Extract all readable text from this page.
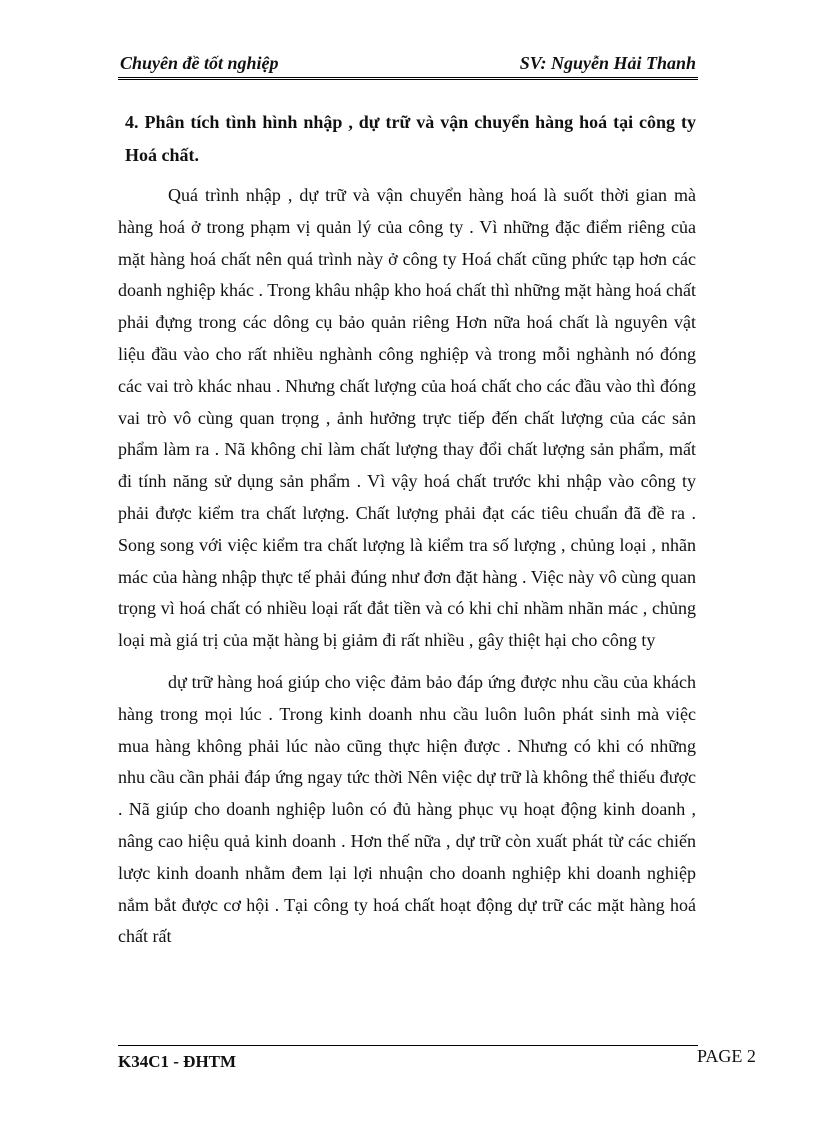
Chuyên đề tốt nghiệp	SV: Nguyễn Hải Thanh

4. Phân tích tình hình nhập , dự trữ và vận chuyển hàng hoá tại công ty Hoá chất.

Quá trình nhập , dự trữ và vận chuyển hàng hoá là suốt thời gian mà hàng hoá ở trong phạm vị quản lý của công ty . Vì những đặc điểm riêng của mặt hàng hoá chất nên quá trình này ở công ty Hoá chất cũng phức tạp hơn các doanh nghiệp khác . Trong khâu nhập kho hoá chất thì những mặt hàng hoá chất phải đựng trong các dông cụ bảo quản riêng Hơn nữa hoá chất là nguyên vật liệu đầu vào cho rất nhiều nghành công nghiệp và trong mỗi nghành nó đóng các vai trò khác nhau . Nhưng chất lượng của hoá chất cho các đầu vào thì đóng vai trò vô cùng quan trọng , ảnh hưởng trực tiếp đến chất lượng của các sản phẩm làm ra . Nã không chỉ làm chất lượng thay đổi chất lượng sản phẩm, mất đi tính năng sử dụng sản phẩm . Vì vậy hoá chất trước khi nhập vào công ty phải được kiểm tra chất lượng. Chất lượng phải đạt các tiêu chuẩn đã đề ra . Song song với việc kiểm tra chất lượng là kiểm tra số lượng , chủng loại , nhãn mác của hàng nhập thực tế phải đúng như đơn đặt hàng . Việc này vô cùng quan trọng vì hoá chất có nhiều loại rất đắt tiền và có khi chỉ nhầm nhãn mác , chủng loại mà giá trị của mặt hàng bị giảm đi rất nhiều , gây thiệt hại cho công ty

dự trữ hàng hoá giúp cho việc đảm bảo đáp ứng được nhu cầu của khách hàng trong mọi lúc . Trong kinh doanh nhu cầu luôn luôn phát sinh mà việc mua hàng không phải lúc nào cũng thực hiện được . Nhưng có khi có những nhu cầu cần phải đáp ứng ngay tức thời Nên việc dự trữ là không thể thiếu được . Nã giúp cho doanh nghiệp luôn có đủ hàng phục vụ hoạt động kinh doanh , nâng cao hiệu quả kinh doanh . Hơn thế nữa , dự trữ còn xuất phát từ các chiến lược kinh doanh nhằm đem lại lợi nhuận cho doanh nghiệp khi doanh nghiệp nắm bắt được cơ hội . Tại công ty hoá chất hoạt động dự trữ các mặt hàng hoá chất rất

K34C1 - ĐHTM	PAGE 2
